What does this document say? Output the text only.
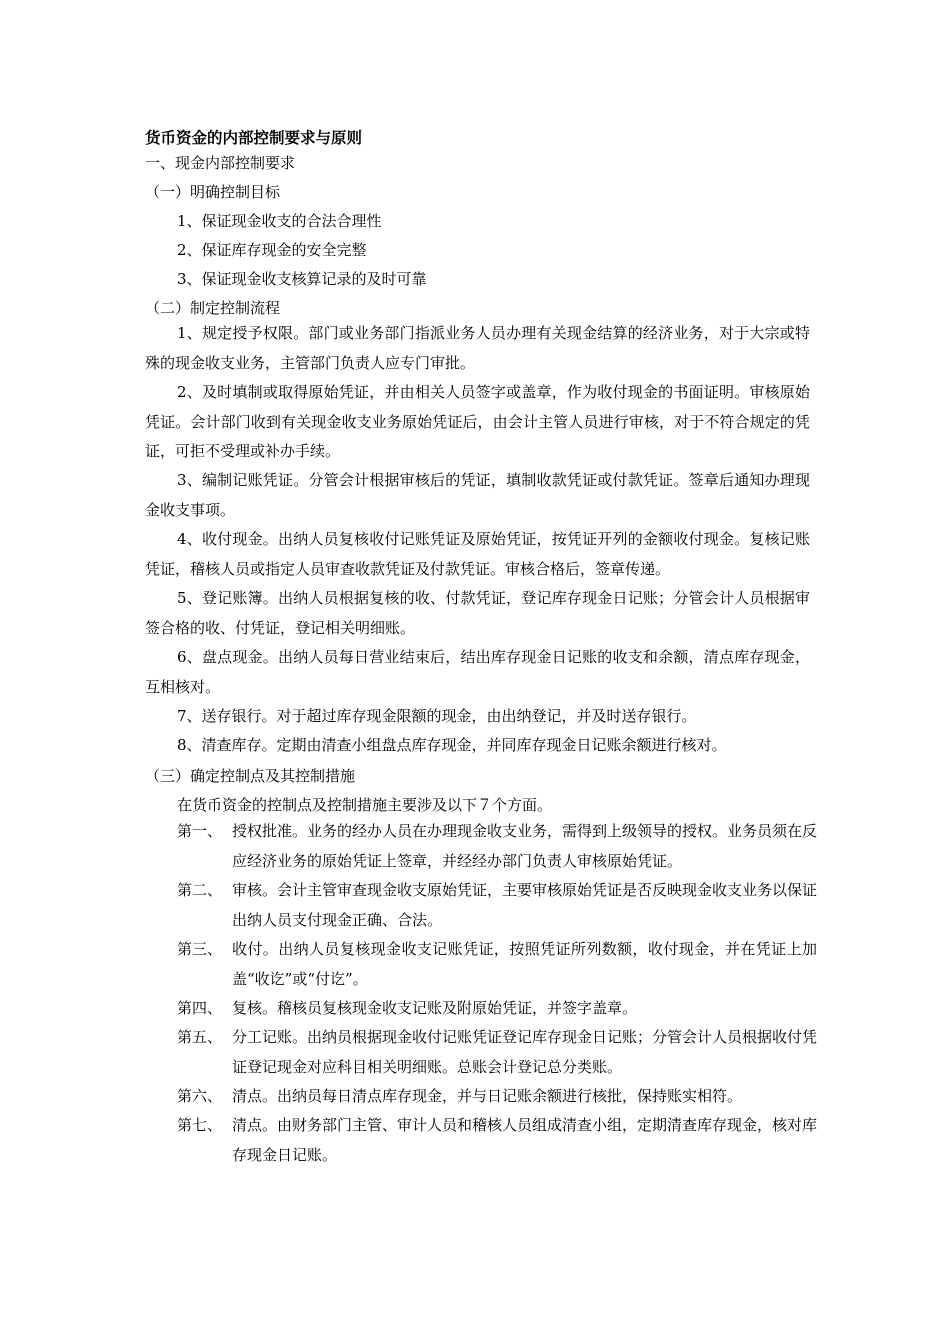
货币资金的内部控制要求与原则
一、现金内部控制要求
（一）明确控制目标
1、保证现金收支的合法合理性
2、保证库存现金的安全完整
3、保证现金收支核算记录的及时可靠
（二）制定控制流程
1、规定授予权限。部门或业务部门指派业务人员办理有关现金结算的经济业务，对于大宗或特殊的现金收支业务，主管部门负责人应专门审批。
2、及时填制或取得原始凭证，并由相关人员签字或盖章，作为收付现金的书面证明。审核原始凭证。会计部门收到有关现金收支业务原始凭证后，由会计主管人员进行审核，对于不符合规定的凭证，可拒不受理或补办手续。
3、编制记账凭证。分管会计根据审核后的凭证，填制收款凭证或付款凭证。签章后通知办理现金收支事项。
4、收付现金。出纳人员复核收付记账凭证及原始凭证，按凭证开列的金额收付现金。复核记账凭证，稽核人员或指定人员审查收款凭证及付款凭证。审核合格后，签章传递。
5、登记账簿。出纳人员根据复核的收、付款凭证，登记库存现金日记账；分管会计人员根据审签合格的收、付凭证，登记相关明细账。
6、盘点现金。出纳人员每日营业结束后，结出库存现金日记账的收支和余额，清点库存现金，互相核对。
7、送存银行。对于超过库存现金限额的现金，由出纳登记，并及时送存银行。
8、清查库存。定期由清查小组盘点库存现金，并同库存现金日记账余额进行核对。
（三）确定控制点及其控制措施
在货币资金的控制点及控制措施主要涉及以下７个方面。
第一、 授权批准。业务的经办人员在办理现金收支业务，需得到上级领导的授权。业务员须在反应经济业务的原始凭证上签章，并经经办部门负责人审核原始凭证。
第二、 审核。会计主管审查现金收支原始凭证，主要审核原始凭证是否反映现金收支业务以保证出纳人员支付现金正确、合法。
第三、 收付。出纳人员复核现金收支记账凭证，按照凭证所列数额，收付现金，并在凭证上加盖“收讫”或“付讫”。
第四、 复核。稽核员复核现金收支记账及附原始凭证，并签字盖章。
第五、 分工记账。出纳员根据现金收付记账凭证登记库存现金日记账；分管会计人员根据收付凭证登记现金对应科目相关明细账。总账会计登记总分类账。
第六、 清点。出纳员每日清点库存现金，并与日记账余额进行核批，保持账实相符。
第七、 清点。由财务部门主管、审计人员和稽核人员组成清查小组，定期清查库存现金，核对库存现金日记账。
